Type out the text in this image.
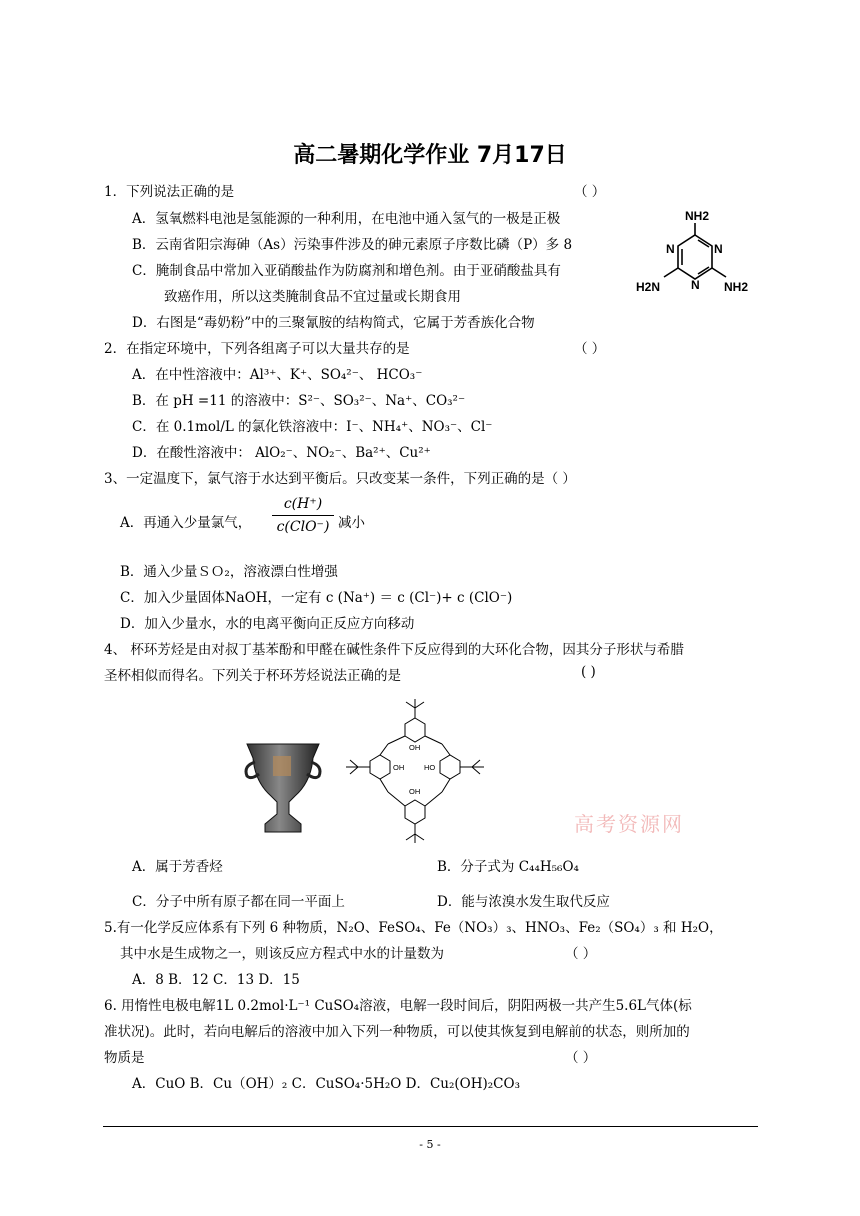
高二暑期化学作业 7月17日
1．下列说法正确的是	（ ）
A．氢氧燃料电池是氢能源的一种利用，在电池中通入氢气的一极是正极
B．云南省阳宗海砷（As）污染事件涉及的砷元素原子序数比磷（P）多 8
C．腌制食品中常加入亚硝酸盐作为防腐剂和增色剂。由于亚硝酸盐具有
致癌作用，所以这类腌制食品不宜过量或长期食用
D．右图是“毒奶粉”中的三聚氰胺的结构简式，它属于芳香族化合物
NH2
N
N
N
H2N	NH2
2．在指定环境中，下列各组离子可以大量共存的是	（ ）
A．在中性溶液中：Al³⁺、K⁺、SO₄²⁻、 HCO₃⁻
B．在 pH =11 的溶液中：S²⁻、SO₃²⁻、Na⁺、CO₃²⁻
C．在 0.1mol/L 的氯化铁溶液中：Ⅰ⁻、NH₄⁺、NO₃⁻、Cl⁻
D．在酸性溶液中： AlO₂⁻、NO₂⁻、Ba²⁺、Cu²⁺
3、一定温度下，氯气溶于水达到平衡后。只改变某一条件，下列正确的是（ ）
A．再通入少量氯气，
c(H⁺)
c(ClO⁻) 减小
B．通入少量ＳＯ₂，溶液漂白性增强
C．加入少量固体NaOH，一定有 c (Na⁺) ＝ c (Cl⁻)+ c (ClO⁻)
D．加入少量水，水的电离平衡向正反应方向移动
4、 杯环芳烃是由对叔丁基苯酚和甲醛在碱性条件下反应得到的大环化合物，因其分子形状与希腊
圣杯相似而得名。下列关于杯环芳烃说法正确的是	( )
OH
OH	HO
OH
高考资源网
A．属于芳香烃	B．分子式为 C₄₄H₅₆O₄
C．分子中所有原子都在同一平面上	D．能与浓溴水发生取代反应
5.有一化学反应体系有下列 6 种物质，N₂O、FeSO₄、Fe（NO₃）₃、HNO₃、Fe₂（SO₄）₃ 和 H₂O，
其中水是生成物之一，则该反应方程式中水的计量数为	（ ）
A．8 B．12 C．13 D．15
6. 用惰性电极电解1L 0.2mol·L⁻¹ CuSO₄溶液，电解一段时间后，阴阳两极一共产生5.6L气体(标
准状况)。此时，若向电解后的溶液中加入下列一种物质，可以使其恢复到电解前的状态，则所加的
物质是	（ ）
A．CuO B．Cu（OH）₂ C．CuSO₄·5H₂O D．Cu₂(OH)₂CO₃
- 5 -
